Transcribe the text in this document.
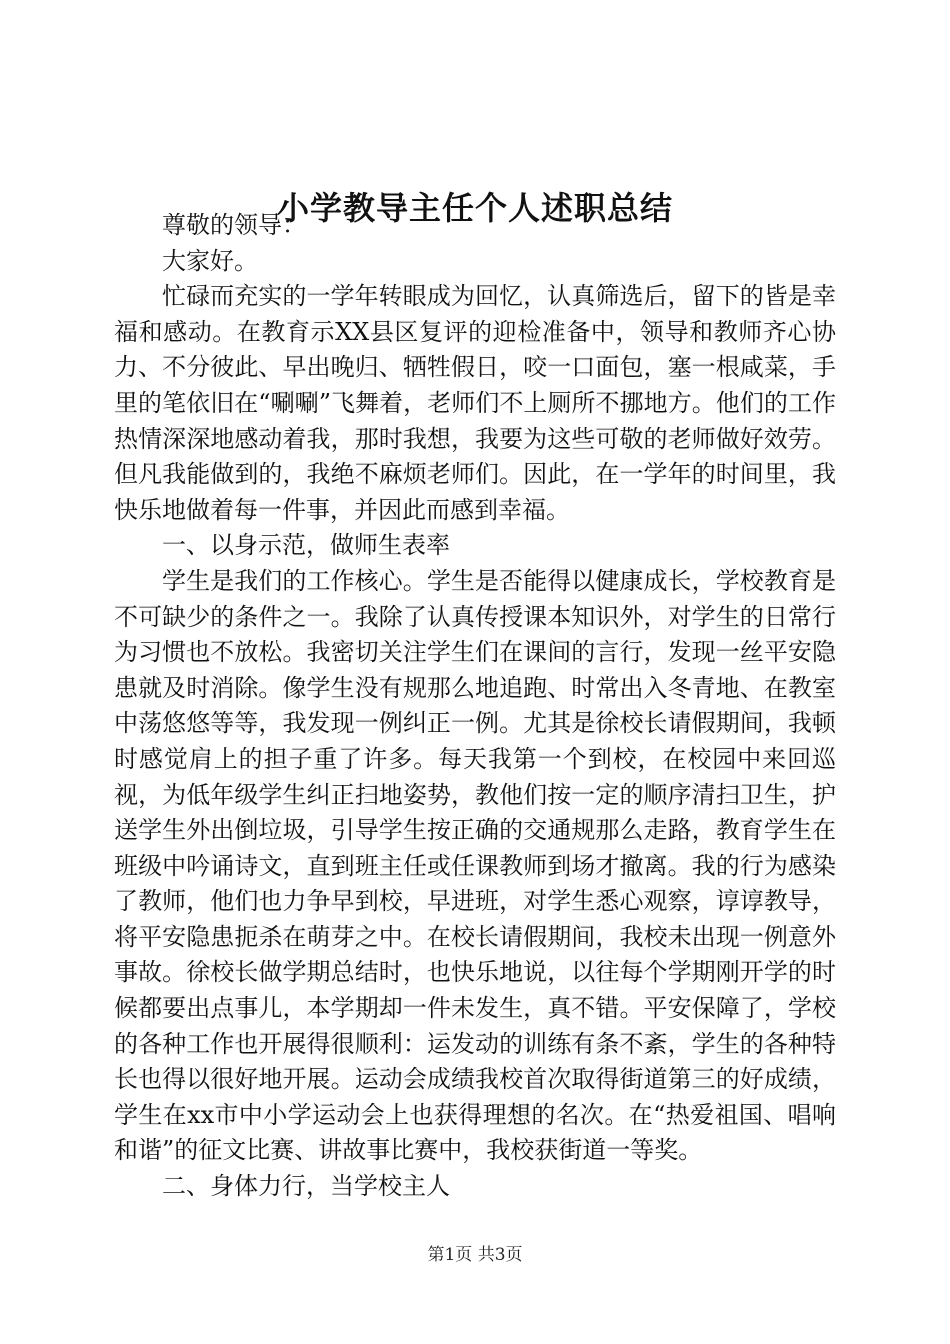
小学教导主任个人述职总结

尊敬的领导：

大家好。

忙碌而充实的一学年转眼成为回忆，认真筛选后，留下的皆是幸福和感动。在教育示XX县区复评的迎检准备中，领导和教师齐心协力、不分彼此、早出晚归、牺牲假日，咬一口面包，塞一根咸菜，手里的笔依旧在“唰唰”飞舞着，老师们不上厕所不挪地方。他们的工作热情深深地感动着我，那时我想，我要为这些可敬的老师做好效劳。但凡我能做到的，我绝不麻烦老师们。因此，在一学年的时间里，我快乐地做着每一件事，并因此而感到幸福。

一、以身示范，做师生表率

学生是我们的工作核心。学生是否能得以健康成长，学校教育是不可缺少的条件之一。我除了认真传授课本知识外，对学生的日常行为习惯也不放松。我密切关注学生们在课间的言行，发现一丝平安隐患就及时消除。像学生没有规那么地追跑、时常出入冬青地、在教室中荡悠悠等等，我发现一例纠正一例。尤其是徐校长请假期间，我顿时感觉肩上的担子重了许多。每天我第一个到校，在校园中来回巡视，为低年级学生纠正扫地姿势，教他们按一定的顺序清扫卫生，护送学生外出倒垃圾，引导学生按正确的交通规那么走路，教育学生在班级中吟诵诗文，直到班主任或任课教师到场才撤离。我的行为感染了教师，他们也力争早到校，早进班，对学生悉心观察，谆谆教导，将平安隐患扼杀在萌芽之中。在校长请假期间，我校未出现一例意外事故。徐校长做学期总结时，也快乐地说，以往每个学期刚开学的时候都要出点事儿，本学期却一件未发生，真不错。平安保障了，学校的各种工作也开展得很顺利：运发动的训练有条不紊，学生的各种特长也得以很好地开展。运动会成绩我校首次取得街道第三的好成绩，学生在xx市中小学运动会上也获得理想的名次。在“热爱祖国、唱响和谐”的征文比赛、讲故事比赛中，我校获街道一等奖。

二、身体力行，当学校主人

第1页 共3页
